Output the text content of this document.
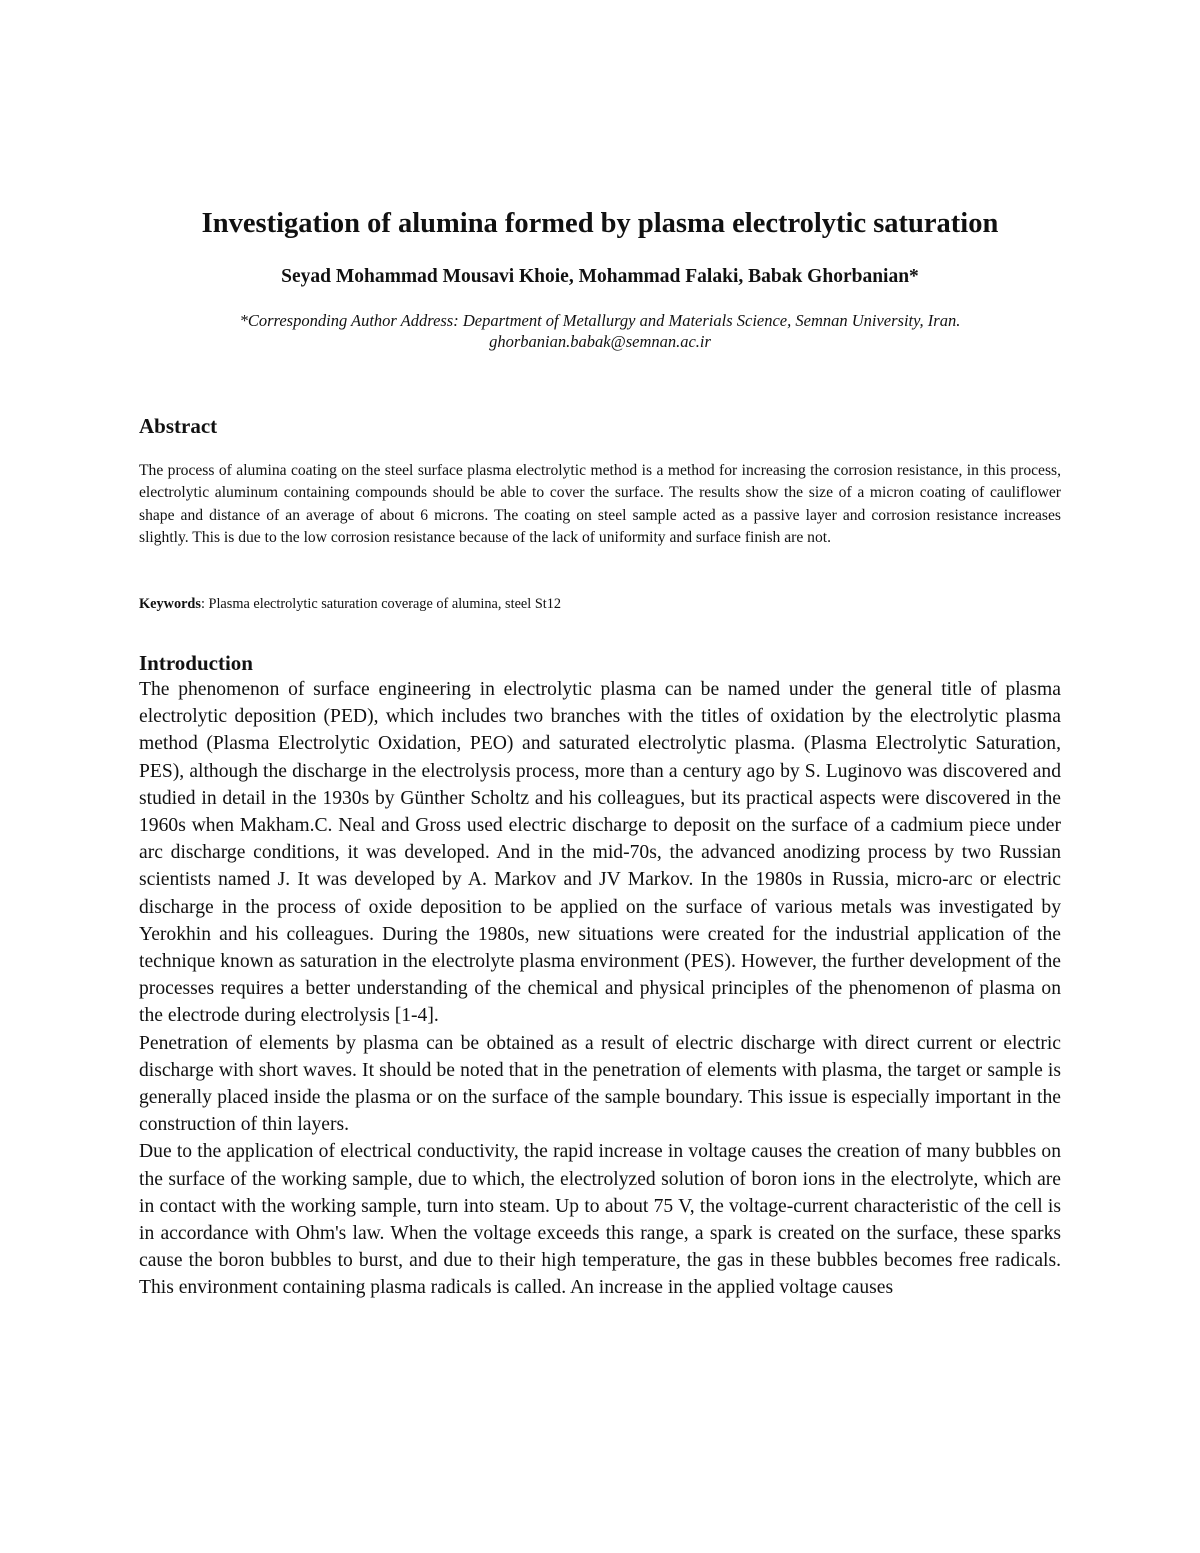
Investigation of alumina formed by plasma electrolytic saturation
Seyad Mohammad Mousavi Khoie, Mohammad Falaki, Babak Ghorbanian*
*Corresponding Author Address: Department of Metallurgy and Materials Science, Semnan University, Iran.
ghorbanian.babak@semnan.ac.ir
Abstract

The process of alumina coating on the steel surface plasma electrolytic method is a method for increasing the corrosion resistance, in this process, electrolytic aluminum containing compounds should be able to cover the surface. The results show the size of a micron coating of cauliflower shape and distance of an average of about 6 microns. The coating on steel sample acted as a passive layer and corrosion resistance increases slightly. This is due to the low corrosion resistance because of the lack of uniformity and surface finish are not.

Keywords: Plasma electrolytic saturation coverage of alumina, steel St12

Introduction

The phenomenon of surface engineering in electrolytic plasma can be named under the general title of plasma electrolytic deposition (PED), which includes two branches with the titles of oxidation by the electrolytic plasma method (Plasma Electrolytic Oxidation, PEO) and saturated electrolytic plasma. (Plasma Electrolytic Saturation, PES), although the discharge in the electrolysis process, more than a century ago by S. Luginovo was discovered and studied in detail in the 1930s by Günther Scholtz and his colleagues, but its practical aspects were discovered in the 1960s when Makham.C. Neal and Gross used electric discharge to deposit on the surface of a cadmium piece under arc discharge conditions, it was developed. And in the mid-70s, the advanced anodizing process by two Russian scientists named J. It was developed by A. Markov and JV Markov. In the 1980s in Russia, micro-arc or electric discharge in the process of oxide deposition to be applied on the surface of various metals was investigated by Yerokhin and his colleagues. During the 1980s, new situations were created for the industrial application of the technique known as saturation in the electrolyte plasma environment (PES). However, the further development of the processes requires a better understanding of the chemical and physical principles of the phenomenon of plasma on the electrode during electrolysis [1-4].

Penetration of elements by plasma can be obtained as a result of electric discharge with direct current or electric discharge with short waves. It should be noted that in the penetration of elements with plasma, the target or sample is generally placed inside the plasma or on the surface of the sample boundary. This issue is especially important in the construction of thin layers.

Due to the application of electrical conductivity, the rapid increase in voltage causes the creation of many bubbles on the surface of the working sample, due to which, the electrolyzed solution of boron ions in the electrolyte, which are in contact with the working sample, turn into steam. Up to about 75 V, the voltage-current characteristic of the cell is in accordance with Ohm's law. When the voltage exceeds this range, a spark is created on the surface, these sparks cause the boron bubbles to burst, and due to their high temperature, the gas in these bubbles becomes free radicals. This environment containing plasma radicals is called. An increase in the applied voltage causes
